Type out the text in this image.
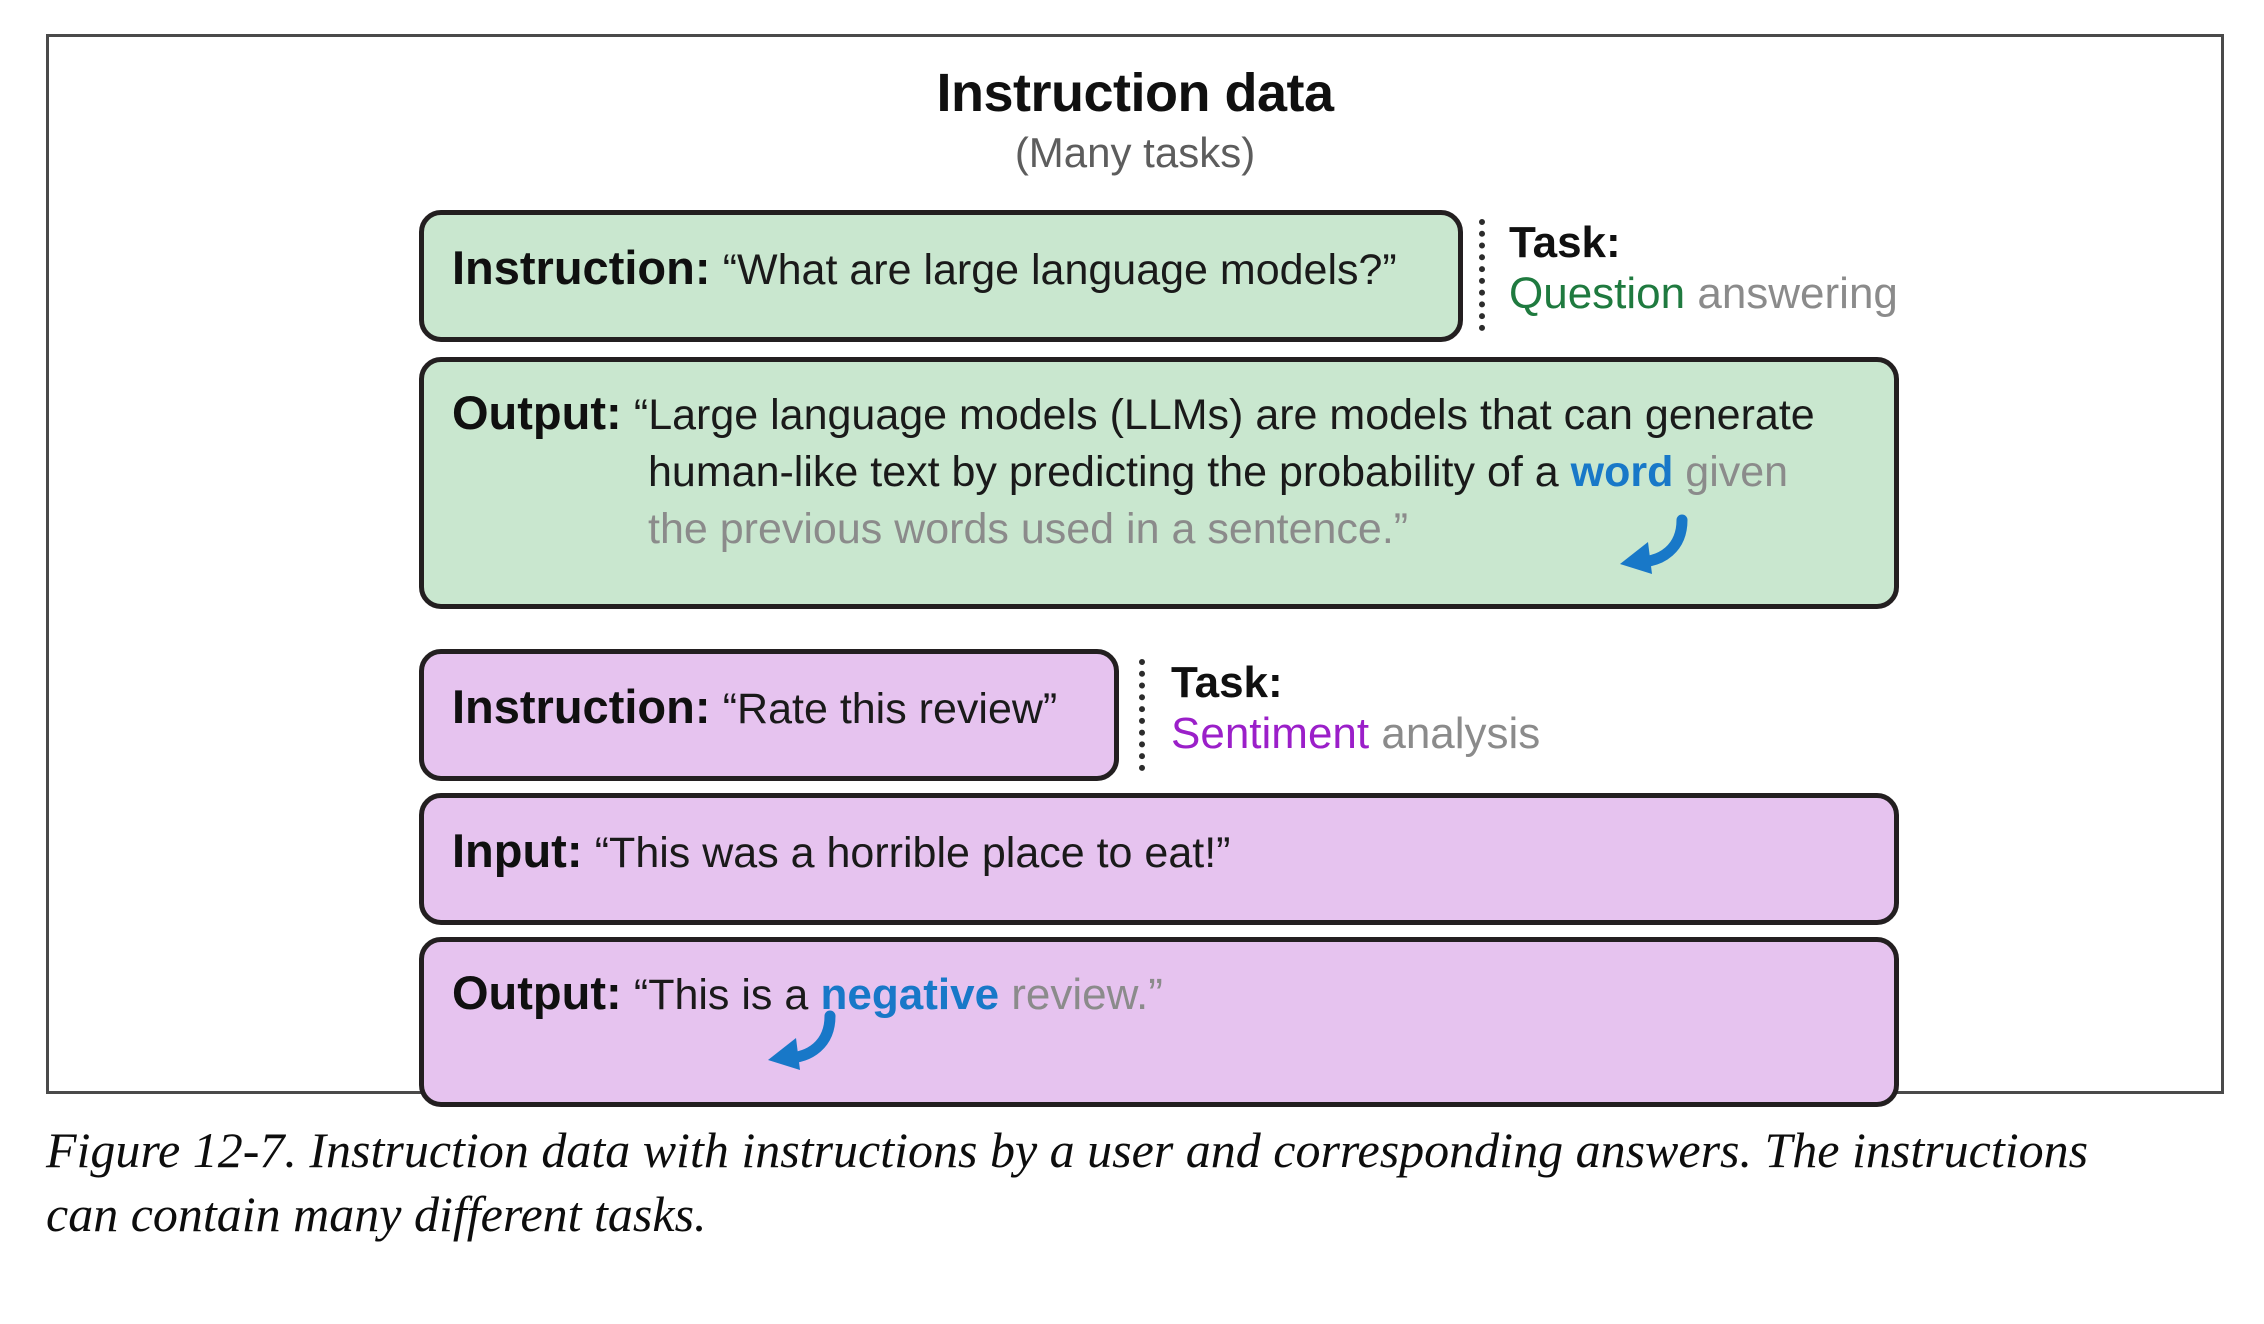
Instruction data
(Many tasks)
Instruction: “What are large language models?”
Task:
Question answering
Output: “Large language models (LLMs) are models that can generate
human-like text by predicting the probability of a word given
the previous words used in a sentence.”
Instruction: “Rate this review”
Task:
Sentiment analysis
Input: “This was a horrible place to eat!”
Output: “This is a negative review.”
Figure 12-7. Instruction data with instructions by a user and corresponding answers. The instructions can contain many different tasks.
